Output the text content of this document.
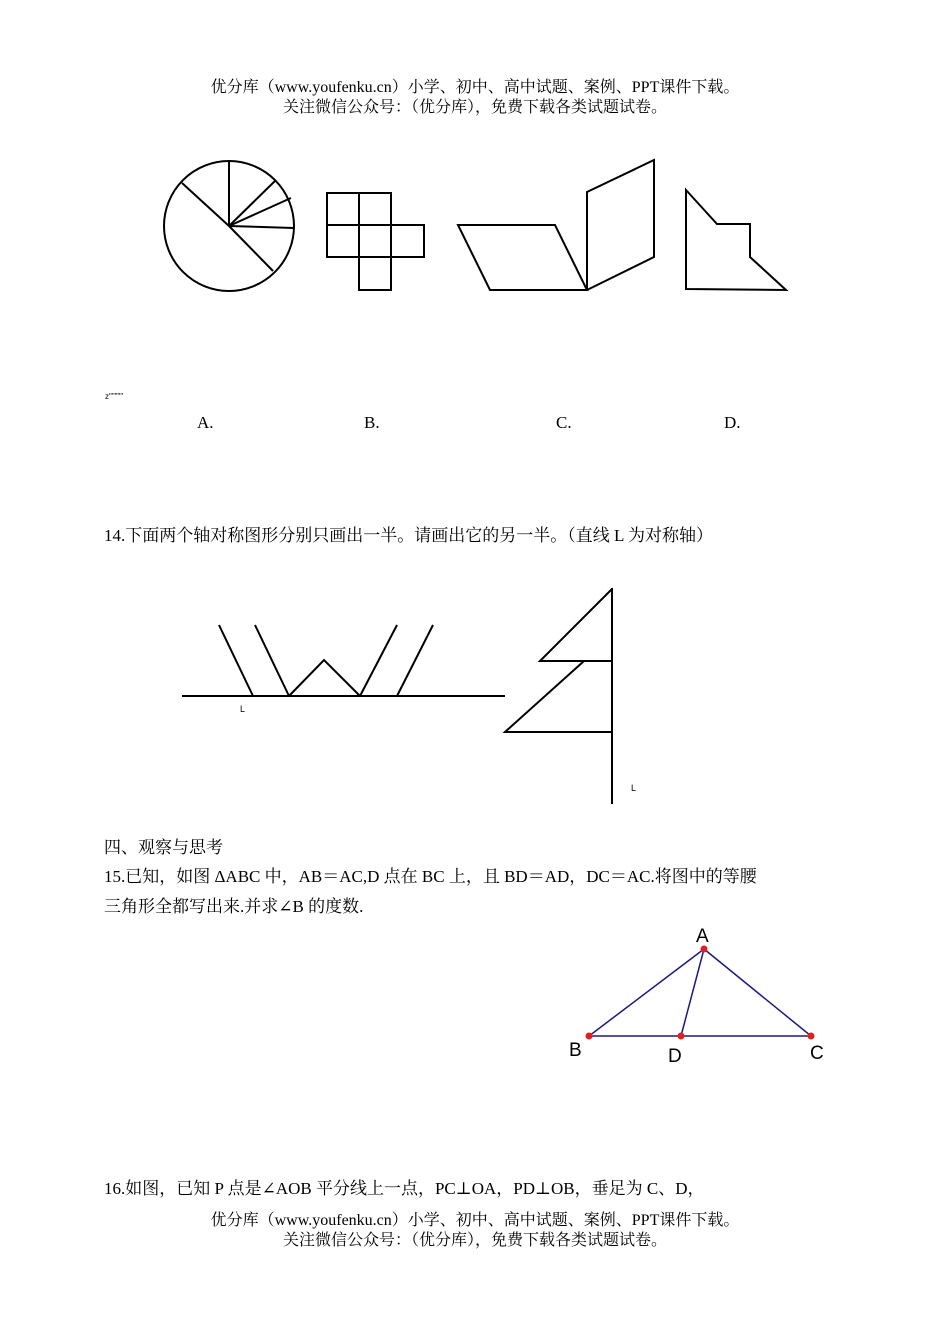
优分库（www.youfenku.cn）小学、初中、高中试题、案例、PPT课件下载。
关注微信公众号：（优分库），免费下载各类试题试卷。
z"""""
A.	B.	C.	D.
14.下面两个轴对称图形分别只画出一半。请画出它的另一半。（直线 L 为对称轴）
L
L
四、观察与思考
15.已知，如图 ΔABC 中，AB＝AC,D 点在 BC 上，且 BD＝AD，DC＝AC.将图中的等腰
三角形全都写出来.并求∠B 的度数.
A
B	D	C
16.如图，已知 P 点是∠AOB 平分线上一点，PC⊥OA，PD⊥OB，垂足为 C、D，
优分库（www.youfenku.cn）小学、初中、高中试题、案例、PPT课件下载。
关注微信公众号：（优分库），免费下载各类试题试卷。
